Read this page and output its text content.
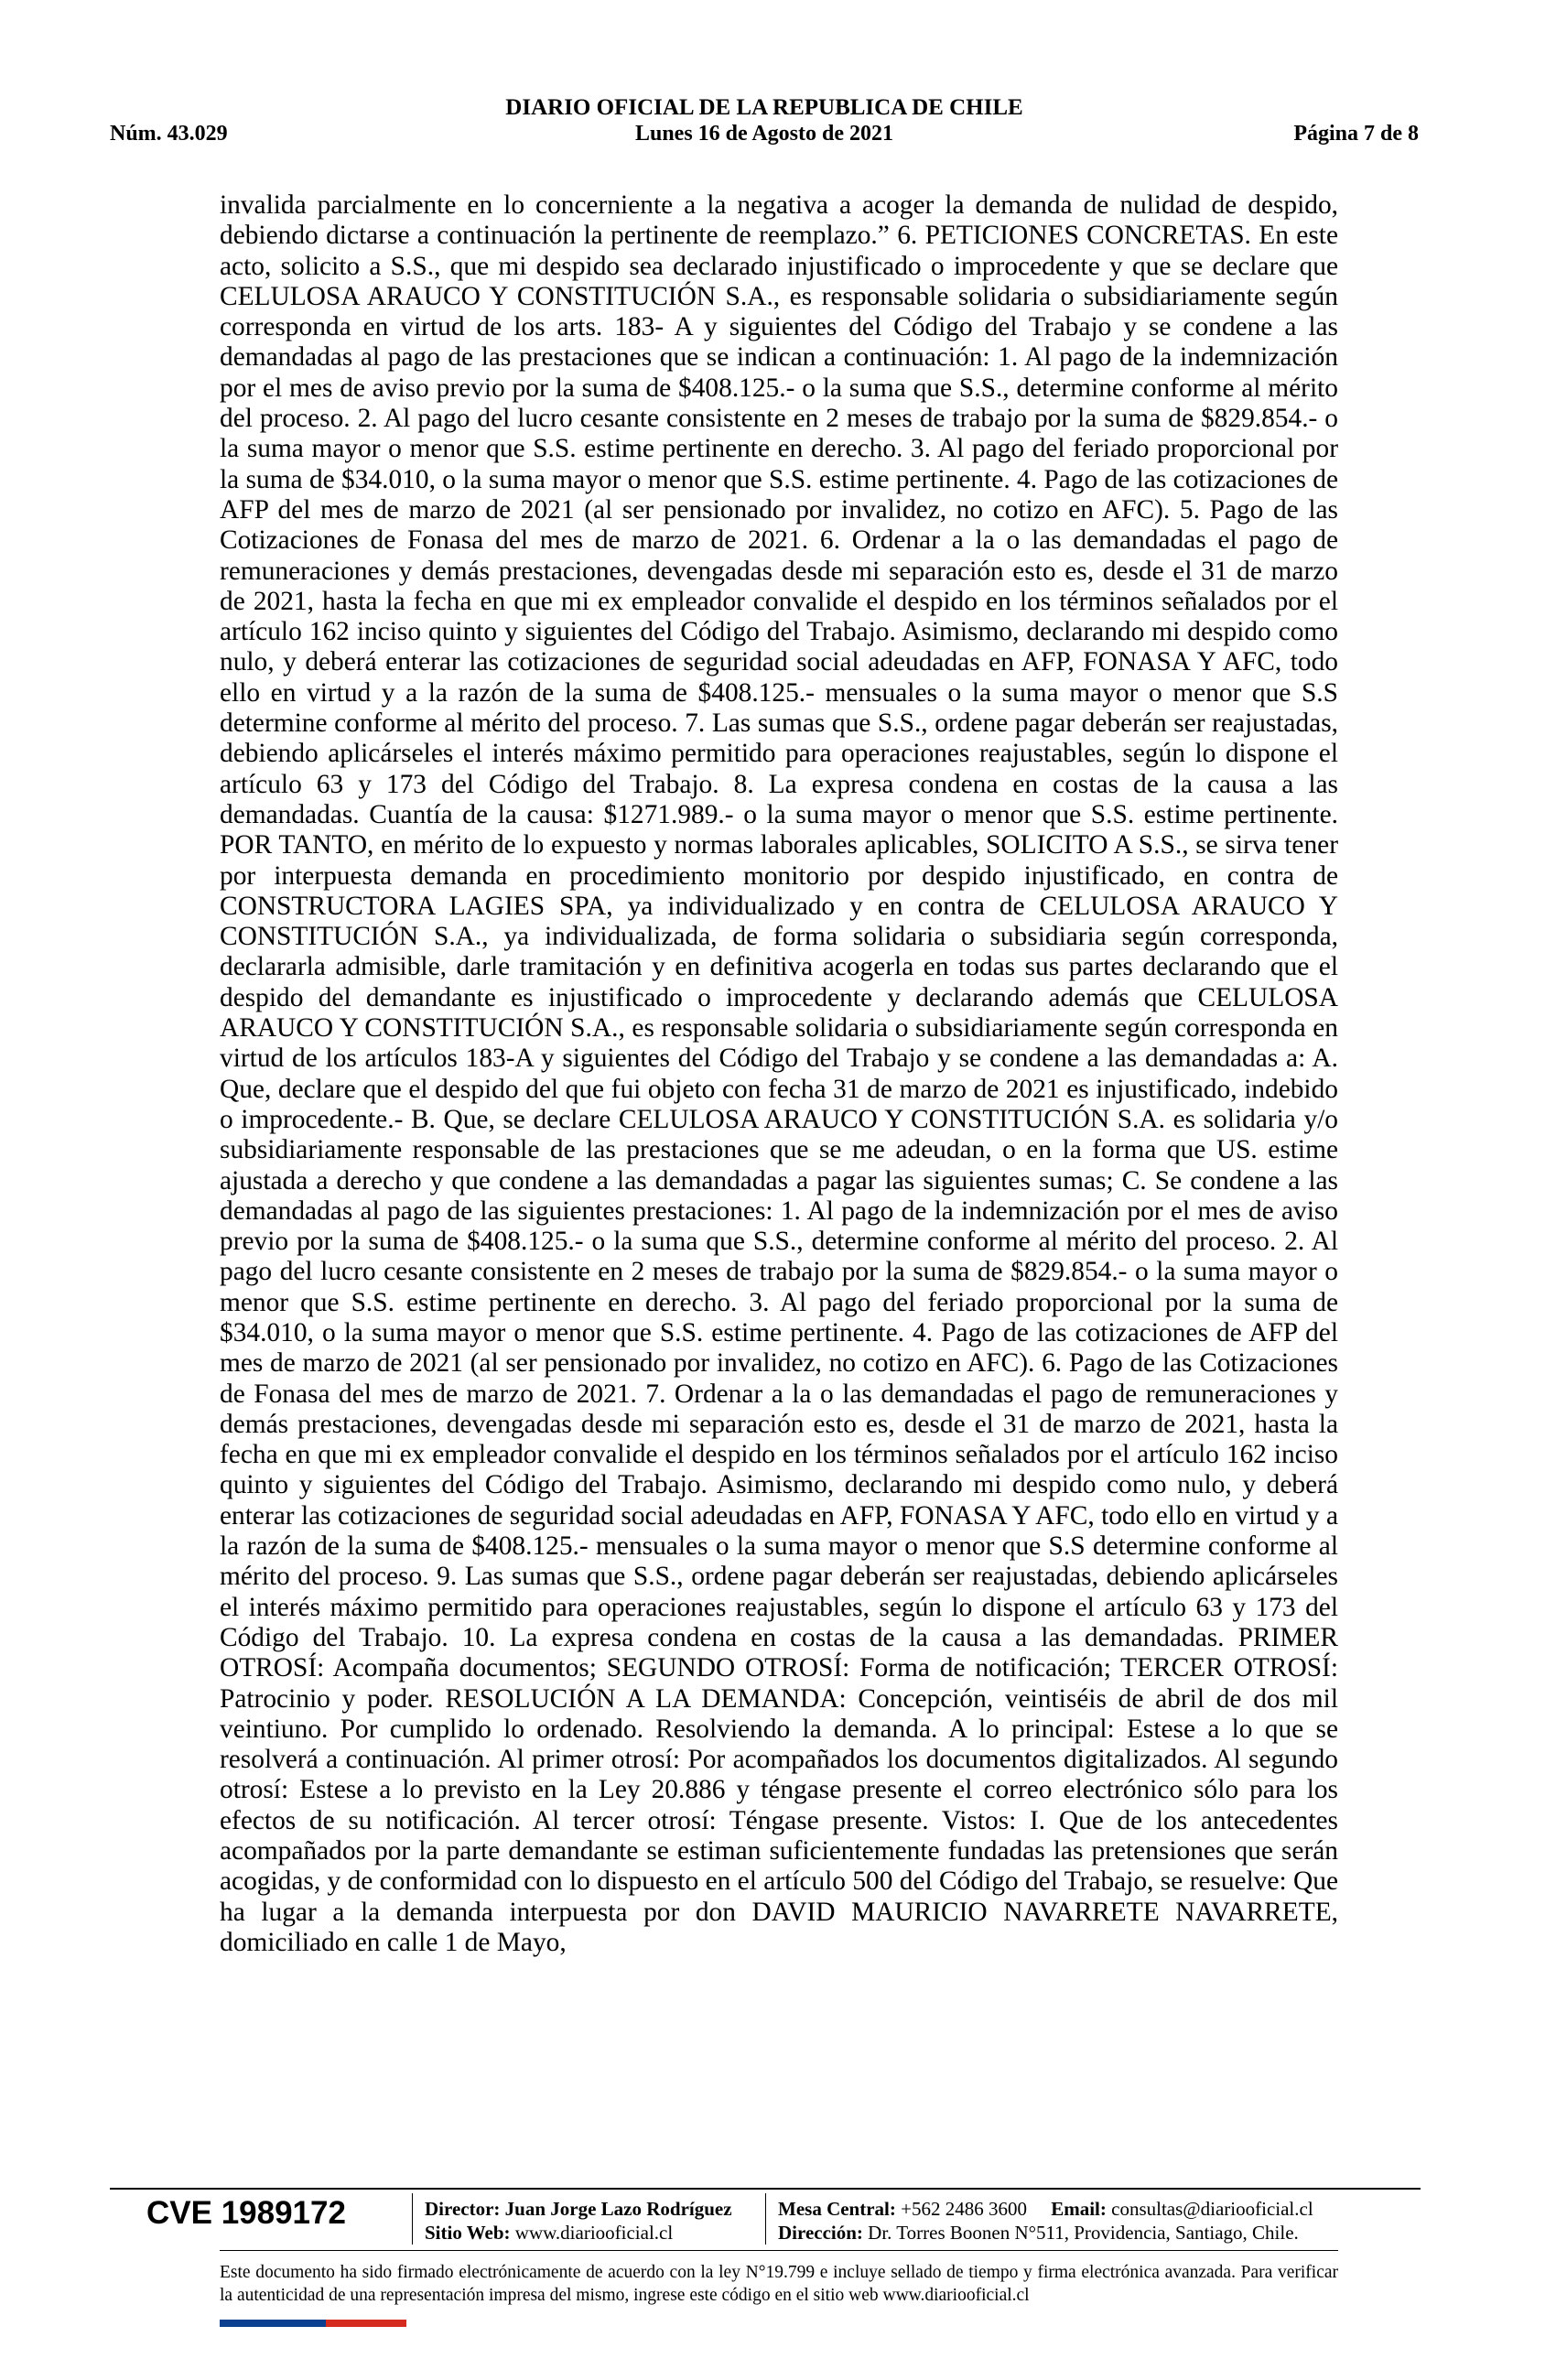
DIARIO OFICIAL DE LA REPUBLICA DE CHILE
Núm. 43.029	Lunes 16 de Agosto de 2021	Página 7 de 8

invalida parcialmente en lo concerniente a la negativa a acoger la demanda de nulidad de despido, debiendo dictarse a continuación la pertinente de reemplazo.” 6. PETICIONES CONCRETAS. En este acto, solicito a S.S., que mi despido sea declarado injustificado o improcedente y que se declare que CELULOSA ARAUCO Y CONSTITUCIÓN S.A., es responsable solidaria o subsidiariamente según corresponda en virtud de los arts. 183- A y siguientes del Código del Trabajo y se condene a las demandadas al pago de las prestaciones que se indican a continuación: 1. Al pago de la indemnización por el mes de aviso previo por la suma de $408.125.- o la suma que S.S., determine conforme al mérito del proceso. 2. Al pago del lucro cesante consistente en 2 meses de trabajo por la suma de $829.854.- o la suma mayor o menor que S.S. estime pertinente en derecho. 3. Al pago del feriado proporcional por la suma de $34.010, o la suma mayor o menor que S.S. estime pertinente. 4. Pago de las cotizaciones de AFP del mes de marzo de 2021 (al ser pensionado por invalidez, no cotizo en AFC). 5. Pago de las Cotizaciones de Fonasa del mes de marzo de 2021. 6. Ordenar a la o las demandadas el pago de remuneraciones y demás prestaciones, devengadas desde mi separación esto es, desde el 31 de marzo de 2021, hasta la fecha en que mi ex empleador convalide el despido en los términos señalados por el artículo 162 inciso quinto y siguientes del Código del Trabajo. Asimismo, declarando mi despido como nulo, y deberá enterar las cotizaciones de seguridad social adeudadas en AFP, FONASA Y AFC, todo ello en virtud y a la razón de la suma de $408.125.- mensuales o la suma mayor o menor que S.S determine conforme al mérito del proceso. 7. Las sumas que S.S., ordene pagar deberán ser reajustadas, debiendo aplicárseles el interés máximo permitido para operaciones reajustables, según lo dispone el artículo 63 y 173 del Código del Trabajo. 8. La expresa condena en costas de la causa a las demandadas. Cuantía de la causa: $1271.989.- o la suma mayor o menor que S.S. estime pertinente. POR TANTO, en mérito de lo expuesto y normas laborales aplicables, SOLICITO A S.S., se sirva tener por interpuesta demanda en procedimiento monitorio por despido injustificado, en contra de CONSTRUCTORA LAGIES SPA, ya individualizado y en contra de CELULOSA ARAUCO Y CONSTITUCIÓN S.A., ya individualizada, de forma solidaria o subsidiaria según corresponda, declararla admisible, darle tramitación y en definitiva acogerla en todas sus partes declarando que el despido del demandante es injustificado o improcedente y declarando además que CELULOSA ARAUCO Y CONSTITUCIÓN S.A., es responsable solidaria o subsidiariamente según corresponda en virtud de los artículos 183-A y siguientes del Código del Trabajo y se condene a las demandadas a: A. Que, declare que el despido del que fui objeto con fecha 31 de marzo de 2021 es injustificado, indebido o improcedente.- B. Que, se declare CELULOSA ARAUCO Y CONSTITUCIÓN S.A. es solidaria y/o subsidiariamente responsable de las prestaciones que se me adeudan, o en la forma que US. estime ajustada a derecho y que condene a las demandadas a pagar las siguientes sumas; C. Se condene a las demandadas al pago de las siguientes prestaciones: 1. Al pago de la indemnización por el mes de aviso previo por la suma de $408.125.- o la suma que S.S., determine conforme al mérito del proceso. 2. Al pago del lucro cesante consistente en 2 meses de trabajo por la suma de $829.854.- o la suma mayor o menor que S.S. estime pertinente en derecho. 3. Al pago del feriado proporcional por la suma de $34.010, o la suma mayor o menor que S.S. estime pertinente. 4. Pago de las cotizaciones de AFP del mes de marzo de 2021 (al ser pensionado por invalidez, no cotizo en AFC). 6. Pago de las Cotizaciones de Fonasa del mes de marzo de 2021. 7. Ordenar a la o las demandadas el pago de remuneraciones y demás prestaciones, devengadas desde mi separación esto es, desde el 31 de marzo de 2021, hasta la fecha en que mi ex empleador convalide el despido en los términos señalados por el artículo 162 inciso quinto y siguientes del Código del Trabajo. Asimismo, declarando mi despido como nulo, y deberá enterar las cotizaciones de seguridad social adeudadas en AFP, FONASA Y AFC, todo ello en virtud y a la razón de la suma de $408.125.- mensuales o la suma mayor o menor que S.S determine conforme al mérito del proceso. 9. Las sumas que S.S., ordene pagar deberán ser reajustadas, debiendo aplicárseles el interés máximo permitido para operaciones reajustables, según lo dispone el artículo 63 y 173 del Código del Trabajo. 10. La expresa condena en costas de la causa a las demandadas. PRIMER OTROSÍ: Acompaña documentos; SEGUNDO OTROSÍ: Forma de notificación; TERCER OTROSÍ: Patrocinio y poder. RESOLUCIÓN A LA DEMANDA: Concepción, veintiséis de abril de dos mil veintiuno. Por cumplido lo ordenado. Resolviendo la demanda. A lo principal: Estese a lo que se resolverá a continuación. Al primer otrosí: Por acompañados los documentos digitalizados. Al segundo otrosí: Estese a lo previsto en la Ley 20.886 y téngase presente el correo electrónico sólo para los efectos de su notificación. Al tercer otrosí: Téngase presente. Vistos: I. Que de los antecedentes acompañados por la parte demandante se estiman suficientemente fundadas las pretensiones que serán acogidas, y de conformidad con lo dispuesto en el artículo 500 del Código del Trabajo, se resuelve: Que ha lugar a la demanda interpuesta por don DAVID MAURICIO NAVARRETE NAVARRETE, domiciliado en calle 1 de Mayo,

CVE 1989172	Director: Juan Jorge Lazo Rodríguez
Sitio Web: www.diariooficial.cl
Mesa Central: +562 2486 3600 Email: consultas@diariooficial.cl
Dirección: Dr. Torres Boonen N°511, Providencia, Santiago, Chile.

Este documento ha sido firmado electrónicamente de acuerdo con la ley N°19.799 e incluye sellado de tiempo y firma electrónica avanzada. Para verificar la autenticidad de una representación impresa del mismo, ingrese este código en el sitio web www.diariooficial.cl
